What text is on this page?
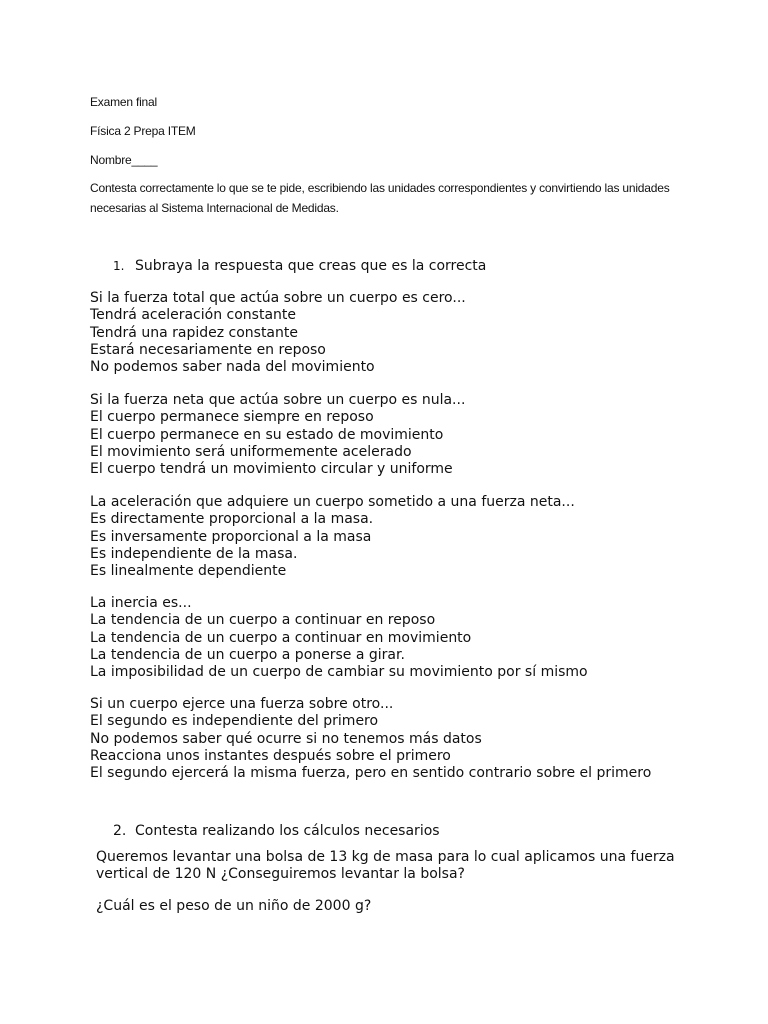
Examen final
Física 2 Prepa ITEM
Nombre____
Contesta correctamente lo que se te pide, escribiendo las unidades correspondientes y convirtiendo las unidades necesarias al Sistema Internacional de Medidas.
1. Subraya la respuesta que creas que es la correcta
Si la fuerza total que actúa sobre un cuerpo es cero...
Tendrá aceleración constante
Tendrá una rapidez constante
Estará necesariamente en reposo
No podemos saber nada del movimiento
Si la fuerza neta que actúa sobre un cuerpo es nula...
El cuerpo permanece siempre en reposo
El cuerpo permanece en su estado de movimiento
El movimiento será uniformemente acelerado
El cuerpo tendrá un movimiento circular y uniforme
La aceleración que adquiere un cuerpo sometido a una fuerza neta...
Es directamente proporcional a la masa.
Es inversamente proporcional a la masa
Es independiente de la masa.
Es linealmente dependiente
La inercia es...
La tendencia de un cuerpo a continuar en reposo
La tendencia de un cuerpo a continuar en movimiento
La tendencia de un cuerpo a ponerse a girar.
La imposibilidad de un cuerpo de cambiar su movimiento por sí mismo
Si un cuerpo ejerce una fuerza sobre otro...
El segundo es independiente del primero
No podemos saber qué ocurre si no tenemos más datos
Reacciona unos instantes después sobre el primero
El segundo ejercerá la misma fuerza, pero en sentido contrario sobre el primero
2. Contesta realizando los cálculos necesarios
Queremos levantar una bolsa de 13 kg de masa para lo cual aplicamos una fuerza vertical de 120 N ¿Conseguiremos levantar la bolsa?
¿Cuál es el peso de un niño de 2000 g?
